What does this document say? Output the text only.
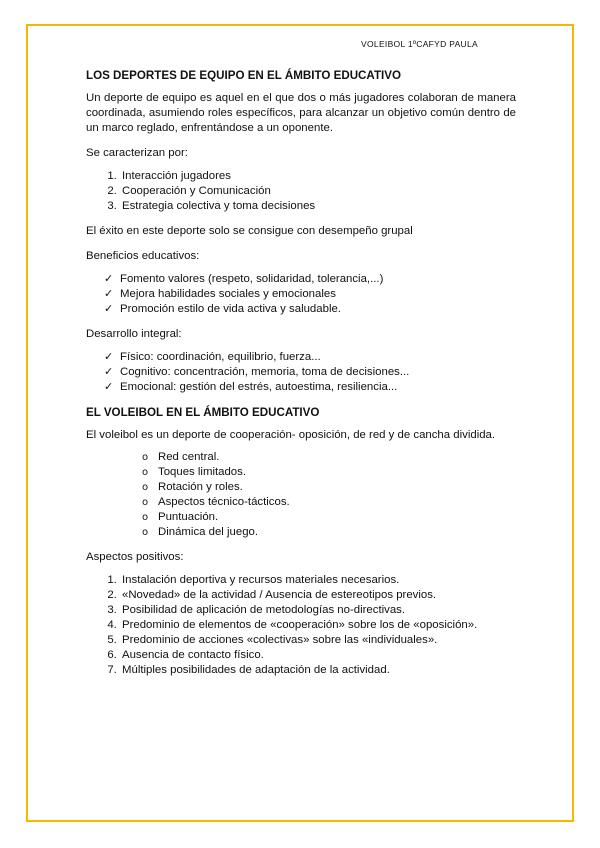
VOLEIBOL 1ºCAFYD PAULA
LOS DEPORTES DE EQUIPO EN EL ÁMBITO EDUCATIVO

Un deporte de equipo es aquel en el que dos o más jugadores colaboran de manera coordinada, asumiendo roles específicos, para alcanzar un objetivo común dentro de un marco reglado, enfrentándose a un oponente.

Se caracterizan por:

1. Interacción jugadores
2. Cooperación y Comunicación
3. Estrategia colectiva y toma decisiones

El éxito en este deporte solo se consigue con desempeño grupal

Beneficios educativos:

✓ Fomento valores (respeto, solidaridad, tolerancia,...)
✓ Mejora habilidades sociales y emocionales
✓ Promoción estilo de vida activa y saludable.

Desarrollo integral:

✓ Físico: coordinación, equilibrio, fuerza...
✓ Cognitivo: concentración, memoria, toma de decisiones...
✓ Emocional: gestión del estrés, autoestima, resiliencia...
EL VOLEIBOL EN EL ÁMBITO EDUCATIVO

El voleibol es un deporte de cooperación- oposición, de red y de cancha dividida.

o Red central.
o Toques limitados.
o Rotación y roles.
o Aspectos técnico-tácticos.
o Puntuación.
o Dinámica del juego.

Aspectos positivos:

1. Instalación deportiva y recursos materiales necesarios.
2. «Novedad» de la actividad / Ausencia de estereotipos previos.
3. Posibilidad de aplicación de metodologías no-directivas.
4. Predominio de elementos de «cooperación» sobre los de «oposición».
5. Predominio de acciones «colectivas» sobre las «individuales».
6. Ausencia de contacto físico.
7. Múltiples posibilidades de adaptación de la actividad.
